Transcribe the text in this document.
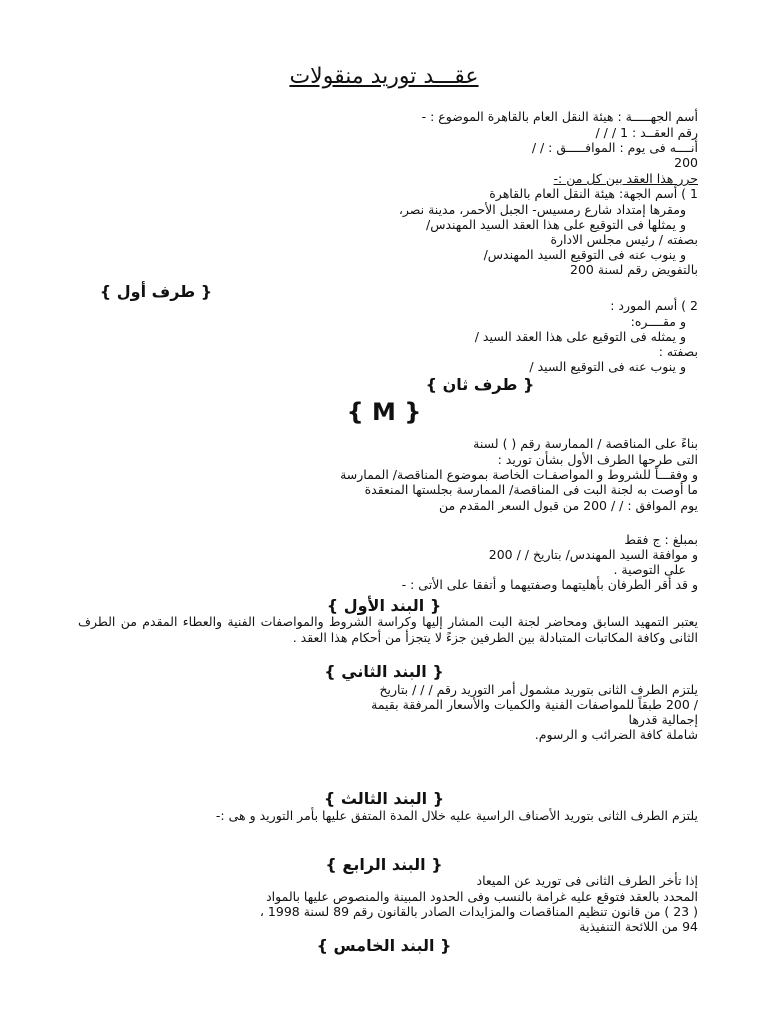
عقـــد توريد منقولات
أسم الجهـــــة : هيئة النقل العام بالقاهرة الموضوع : -
رقم العقــد : 1 / / /
أنــــه فى يوم : الموافـــــق : / /
200
حرر هذا العقد بين كل من :-
1 ) أسم الجهة: هيئة النقل العام بالقاهرة
ومقرها إمتداد شارع رمسيس- الجبل الأحمر، مدينة نصر،
و يمثلها فى التوقيع على هذا العقد السيد المهندس/
بصفته / رئيس مجلس الادارة
و ينوب عنه فى التوقيع السيد المهندس/
بالتفويض رقم لسنة 200
{ طرف أول }
2 ) أسم المورد :
و مقــــره:
و يمثله فى التوقيع على هذا العقد السيد /
بصفته :
و ينوب عنه فى التوقيع السيد /
{ طرف ثان }
{ M }
بناءً على المناقصة / الممارسة رقم ( ) لسنة
التى طرحها الطرف الأول بشأن توريد :
و وفقـــاً للشروط و المواصفـات الخاصة بموضوع المناقصة/ الممارسة
ما أوصت به لجنة البت فى المناقصة/ الممارسة بجلستها المنعقدة
يوم الموافق : / / 200 من قبول السعر المقدم من
بمبلغ : ج فقط
و موافقة السيد المهندس/ بتاريخ / / 200
على التوصية .
و قد أقر الطرفان بأهليتهما وصفتيهما و أتفقا على الأتى : -
{ البند الأول }
يعتبر التمهيد السابق ومحاضر لجنة البت المشار إليها وكراسة الشروط والمواصفات الفنية والعطاء المقدم من الطرف الثانى وكافة المكاتبات المتبادلة بين الطرفين جزءً لا يتجزأ من أحكام هذا العقد .
{ البند الثاني }
يلتزم الطرف الثانى بتوريد مشمول أمر التوريد رقم / / / بتاريخ
/ 200 طبقاً للمواصفات الفنية والكميات والأسعار المرفقة بقيمة
إجمالية قدرها
شاملة كافة الضرائب و الرسوم.
{ البند الثالث }
يلتزم الطرف الثانى بتوريد الأصناف الراسية عليه خلال المدة المتفق عليها بأمر التوريد و هى :-
{ البند الرابع }
إذا تأخر الطرف الثانى فى توريد عن الميعاد
المحدد بالعقد فتوقع عليه غرامة بالنسب وفى الحدود المبينة والمنصوص عليها بالمواد
( 23 ) من قانون تنظيم المناقصات والمزايدات الصادر بالقانون رقم 89 لسنة 1998 ،
94 من اللائحة التنفيذية
{ البند الخامس }
